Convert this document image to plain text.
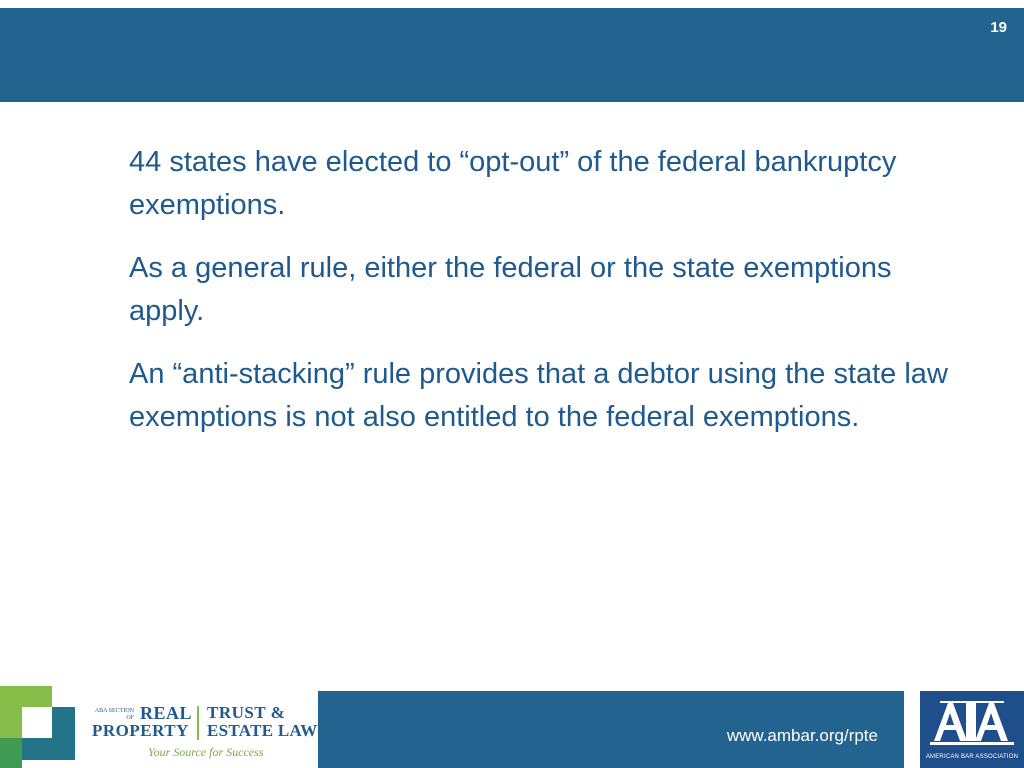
19

44 states have elected to “opt-out” of the federal bankruptcy exemptions.

As a general rule, either the federal or the state exemptions apply.

An “anti-stacking” rule provides that a debtor using the state law exemptions is not also entitled to the federal exemptions.

ABA SECTION OF REAL
PROPERTY
TRUST &
ESTATE LAW
Your Source for Success
www.ambar.org/rpte
AMERICAN BAR ASSOCIATION
